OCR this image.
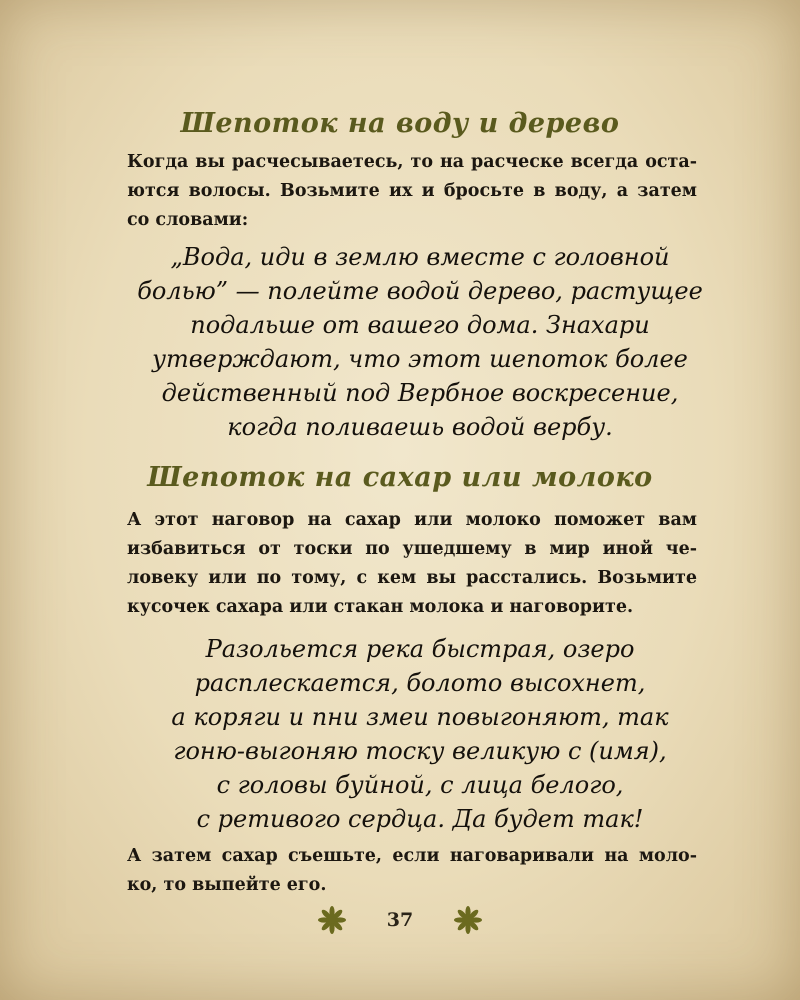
Шепоток на воду и дерево
Когда вы расчесываетесь, то на расческе всегда оста-
ются волосы. Возьмите их и бросьте в воду, а затем
со словами:
„Вода, иди в землю вместе с головной
болью” — полейте водой дерево, растущее
подальше от вашего дома. Знахари
утверждают, что этот шепоток более
действенный под Вербное воскресение,
когда поливаешь водой вербу.
Шепоток на сахар или молоко
А этот наговор на сахар или молоко поможет вам
избавиться от тоски по ушедшему в мир иной че-
ловеку или по тому, с кем вы расстались. Возьмите
кусочек сахара или стакан молока и наговорите.
Разольется река быстрая, озеро
расплескается, болото высохнет,
а коряги и пни змеи повыгоняют, так
гоню-выгоняю тоску великую с (имя),
с головы буйной, с лица белого,
с ретивого сердца. Да будет так!
А затем сахар съешьте, если наговаривали на моло-
ко, то выпейте его.
37
